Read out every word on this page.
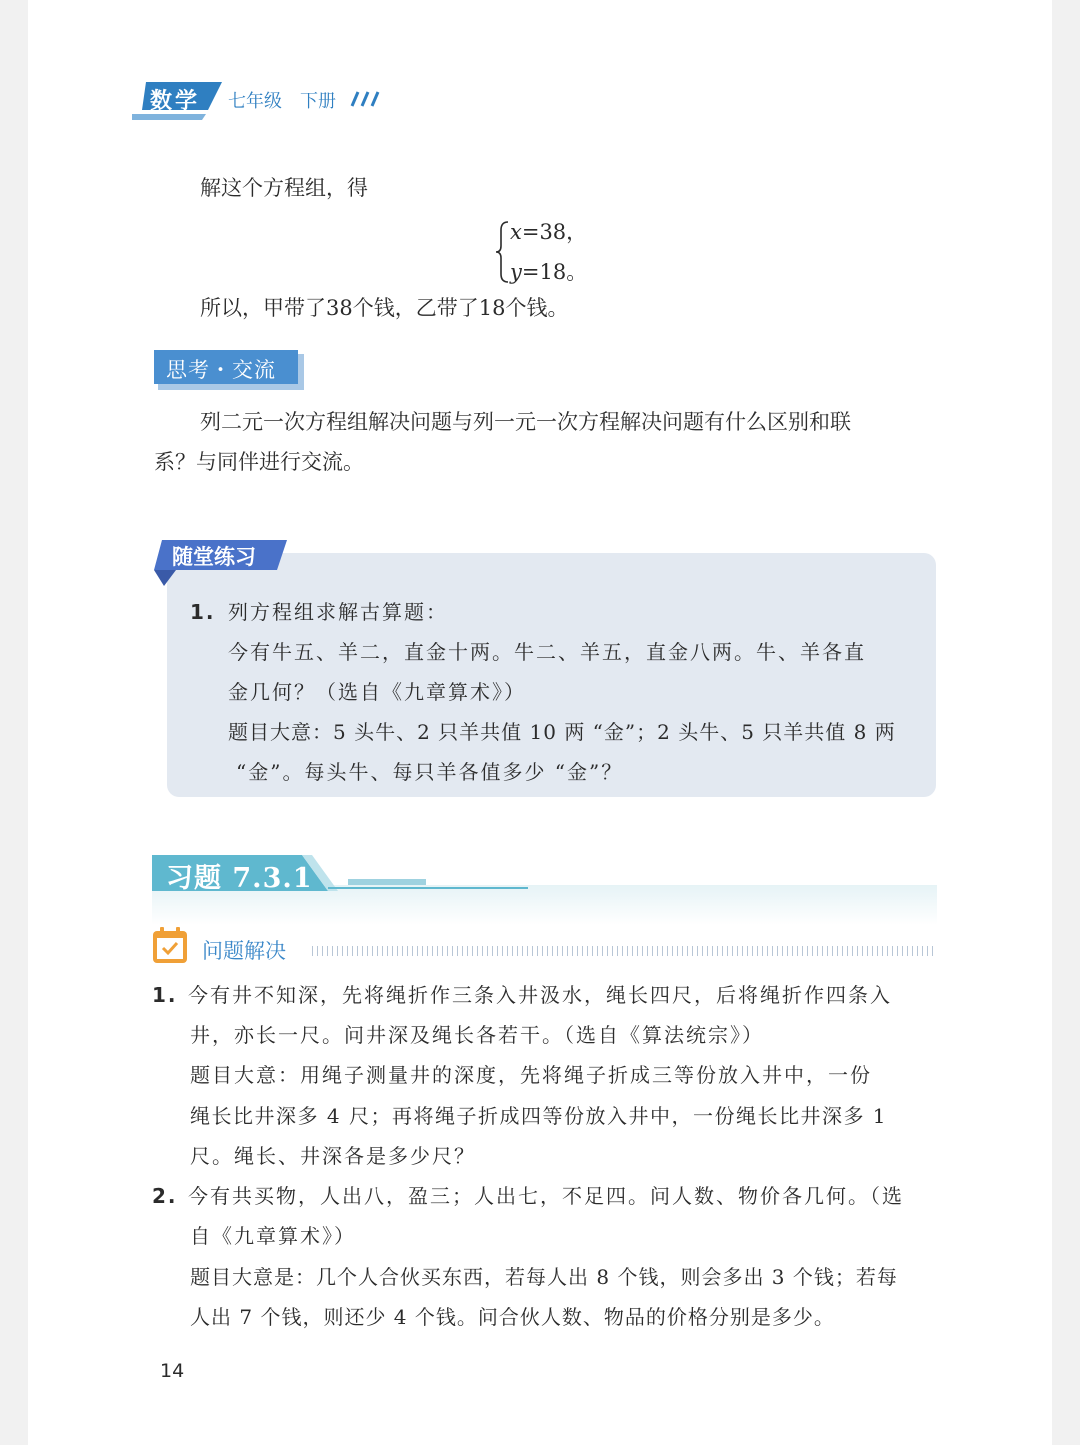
数学 七年级 下册
解这个方程组，得
x=38，
y=18。
所以，甲带了38个钱，乙带了18个钱。
思考・交流
列二元一次方程组解决问题与列一元一次方程解决问题有什么区别和联
系？与同伴进行交流。
随堂练习
1. 列方程组求解古算题：
今有牛五、羊二，直金十两。牛二、羊五，直金八两。牛、羊各直
金几何？（选自《九章算术》）
题目大意：5 头牛、2 只羊共值 10 两 “金”；2 头牛、5 只羊共值 8 两
“金”。每头牛、每只羊各值多少 “金”？
习题 7.3.1
问题解决
1. 今有井不知深，先将绳折作三条入井汲水，绳长四尺，后将绳折作四条入
井，亦长一尺。问井深及绳长各若干。（选自《算法统宗》）
题目大意：用绳子测量井的深度，先将绳子折成三等份放入井中，一份
绳长比井深多 4 尺；再将绳子折成四等份放入井中，一份绳长比井深多 1
尺。绳长、井深各是多少尺？
2. 今有共买物，人出八，盈三；人出七，不足四。问人数、物价各几何。（选
自《九章算术》）
题目大意是：几个人合伙买东西，若每人出 8 个钱，则会多出 3 个钱；若每
人出 7 个钱，则还少 4 个钱。问合伙人数、物品的价格分别是多少。
14
